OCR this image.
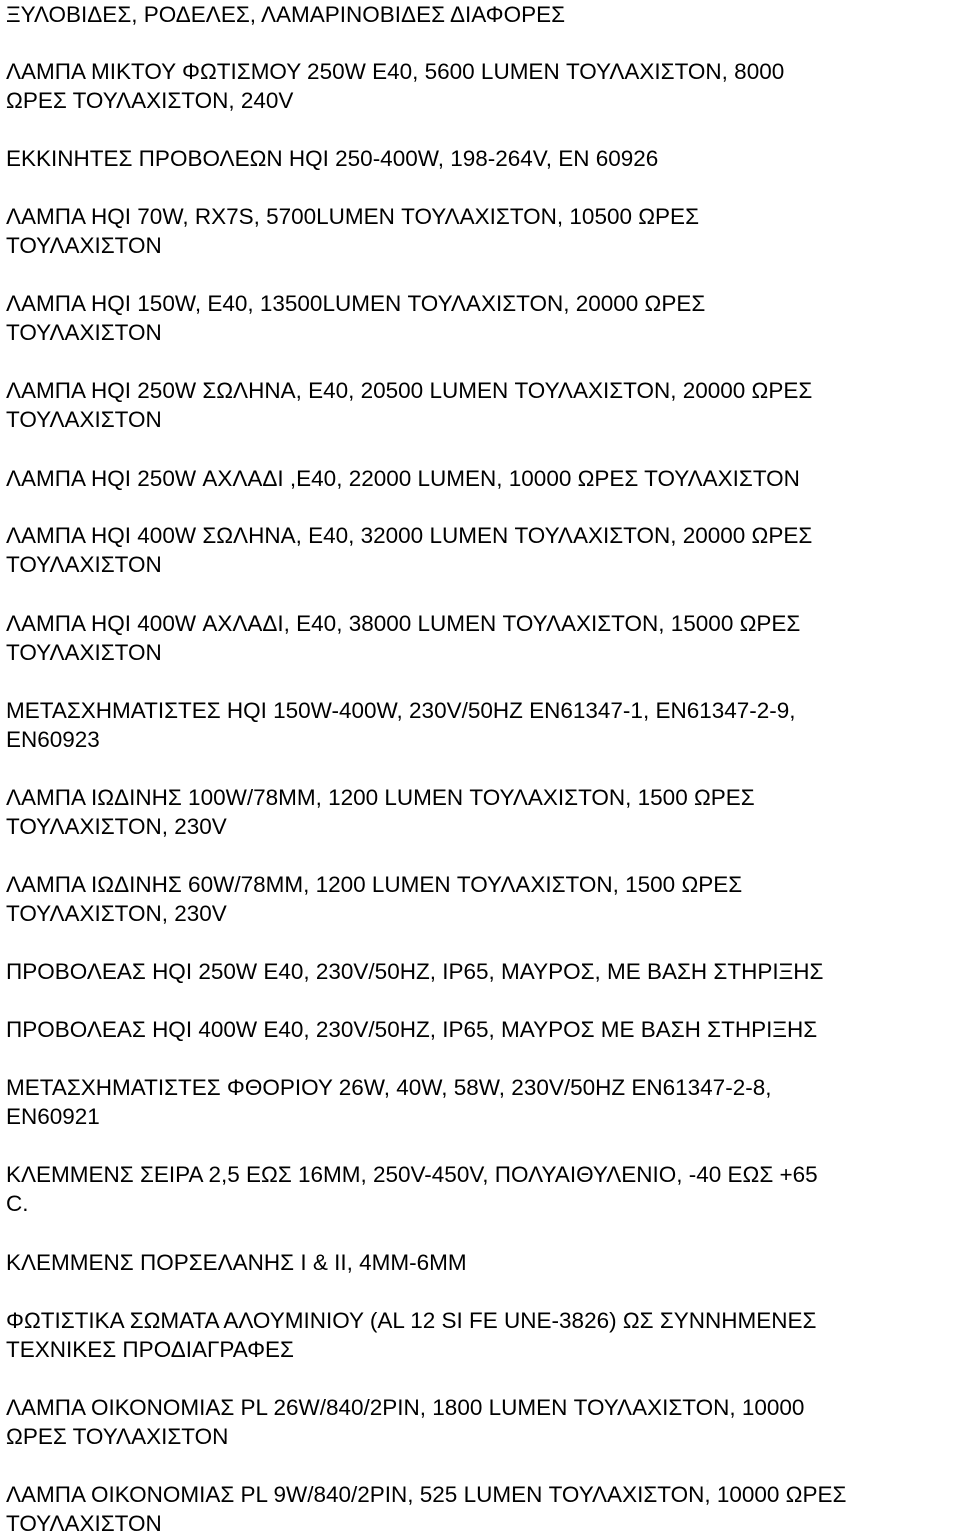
ΞΥΛΟΒΙΔΕΣ, ΡΟΔΕΛΕΣ, ΛΑΜΑΡΙΝΟΒΙΔΕΣ ΔΙΑΦΟΡΕΣ
ΛΑΜΠΑ ΜΙΚΤΟΥ ΦΩΤΙΣΜΟΥ 250W E40, 5600 LUMEN ΤΟΥΛΑΧΙΣΤΟΝ, 8000
ΩΡΕΣ ΤΟΥΛΑΧΙΣΤΟΝ, 240V
ΕΚΚΙΝΗΤΕΣ ΠΡΟΒΟΛΕΩΝ HQI 250-400W, 198-264V, EN 60926
ΛΑΜΠΑ HQI 70W, RX7S, 5700LUMEN ΤΟΥΛΑΧΙΣΤΟΝ, 10500 ΩΡΕΣ
ΤΟΥΛΑΧΙΣΤΟΝ
ΛΑΜΠΑ HQI 150W, E40, 13500LUMEN ΤΟΥΛΑΧΙΣΤΟΝ, 20000 ΩΡΕΣ
ΤΟΥΛΑΧΙΣΤΟΝ
ΛΑΜΠΑ HQI 250W ΣΩΛΗΝΑ, E40, 20500 LUMEN ΤΟΥΛΑΧΙΣΤΟΝ, 20000 ΩΡΕΣ
ΤΟΥΛΑΧΙΣΤΟΝ
ΛΑΜΠΑ HQI 250W ΑΧΛΑΔΙ ,E40, 22000 LUMEN, 10000 ΩΡΕΣ ΤΟΥΛΑΧΙΣΤΟΝ
ΛΑΜΠΑ HQI 400W ΣΩΛΗΝΑ, E40, 32000 LUMEN ΤΟΥΛΑΧΙΣΤΟΝ, 20000 ΩΡΕΣ
ΤΟΥΛΑΧΙΣΤΟΝ
ΛΑΜΠΑ HQI 400W ΑΧΛΑΔΙ, E40, 38000 LUMEN ΤΟΥΛΑΧΙΣΤΟΝ, 15000 ΩΡΕΣ
ΤΟΥΛΑΧΙΣΤΟΝ
ΜΕΤΑΣΧΗΜΑΤΙΣΤΕΣ HQI 150W-400W, 230V/50HZ EN61347-1, EN61347-2-9,
EN60923
ΛΑΜΠΑ ΙΩΔΙΝΗΣ 100W/78MM, 1200 LUMEN ΤΟΥΛΑΧΙΣΤΟΝ, 1500 ΩΡΕΣ
ΤΟΥΛΑΧΙΣΤΟΝ, 230V
ΛΑΜΠΑ ΙΩΔΙΝΗΣ 60W/78MM, 1200 LUMEN ΤΟΥΛΑΧΙΣΤΟΝ, 1500 ΩΡΕΣ
ΤΟΥΛΑΧΙΣΤΟΝ, 230V
ΠΡΟΒΟΛΕΑΣ HQI 250W E40, 230V/50HZ, IP65, ΜΑΥΡΟΣ, ΜΕ ΒΑΣΗ ΣΤΗΡΙΞΗΣ
ΠΡΟΒΟΛΕΑΣ HQI 400W E40, 230V/50HZ, IP65, ΜΑΥΡΟΣ ΜΕ ΒΑΣΗ ΣΤΗΡΙΞΗΣ
ΜΕΤΑΣΧΗΜΑΤΙΣΤΕΣ ΦΘΟΡΙΟΥ 26W, 40W, 58W, 230V/50HZ EN61347-2-8,
EN60921
ΚΛΕΜΜΕΝΣ ΣΕΙΡΑ 2,5 ΕΩΣ 16ΜΜ, 250V-450V, ΠΟΛΥΑΙΘΥΛΕΝΙΟ, -40 ΕΩΣ +65
C.
ΚΛΕΜΜΕΝΣ ΠΟΡΣΕΛΑΝΗΣ I & II, 4MM-6MM
ΦΩΤΙΣΤΙΚΑ ΣΩΜΑΤΑ ΑΛΟΥΜΙΝΙΟΥ (AL 12 SI FE UNE-3826) ΩΣ ΣΥΝΝΗΜΕΝΕΣ
ΤΕΧΝΙΚΕΣ ΠΡΟΔΙΑΓΡΑΦΕΣ
ΛΑΜΠΑ ΟΙΚΟΝΟΜΙΑΣ PL 26W/840/2PIN, 1800 LUMEN ΤΟΥΛΑΧΙΣΤΟΝ, 10000
ΩΡΕΣ ΤΟΥΛΑΧΙΣΤΟΝ
ΛΑΜΠΑ ΟΙΚΟΝΟΜΙΑΣ PL 9W/840/2PIN, 525 LUMEN ΤΟΥΛΑΧΙΣΤΟΝ, 10000 ΩΡΕΣ
ΤΟΥΛΑΧΙΣΤΟΝ
